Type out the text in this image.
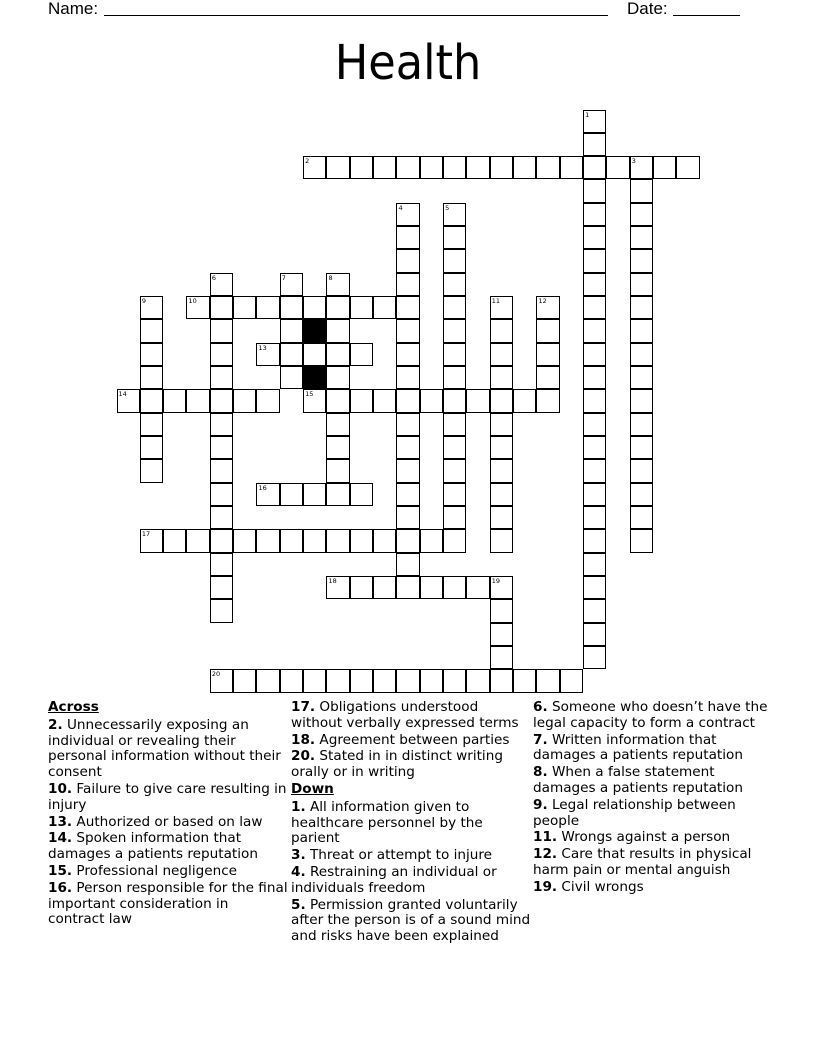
Name:	Date:
Health
2	3
10
13
14	15
16
17
18	19
20
1
4	5
6	7	8
9	11	12
Across
2. Unnecessarily exposing an individual or revealing their personal information without their consent
10. Failure to give care resulting in injury
13. Authorized or based on law
14. Spoken information that damages a patients reputation
15. Professional negligence
16. Person responsible for the final important consideration in contract law
17. Obligations understood without verbally expressed terms
18. Agreement between parties
20. Stated in in distinct writing orally or in writing
Down
1. All information given to healthcare personnel by the parient
3. Threat or attempt to injure
4. Restraining an individual or individuals freedom
5. Permission granted voluntarily after the person is of a sound mind and risks have been explained
6. Someone who doesn’t have the legal capacity to form a contract
7. Written information that damages a patients reputation
8. When a false statement damages a patients reputation
9. Legal relationship between people
11. Wrongs against a person
12. Care that results in physical harm pain or mental anguish
19. Civil wrongs
